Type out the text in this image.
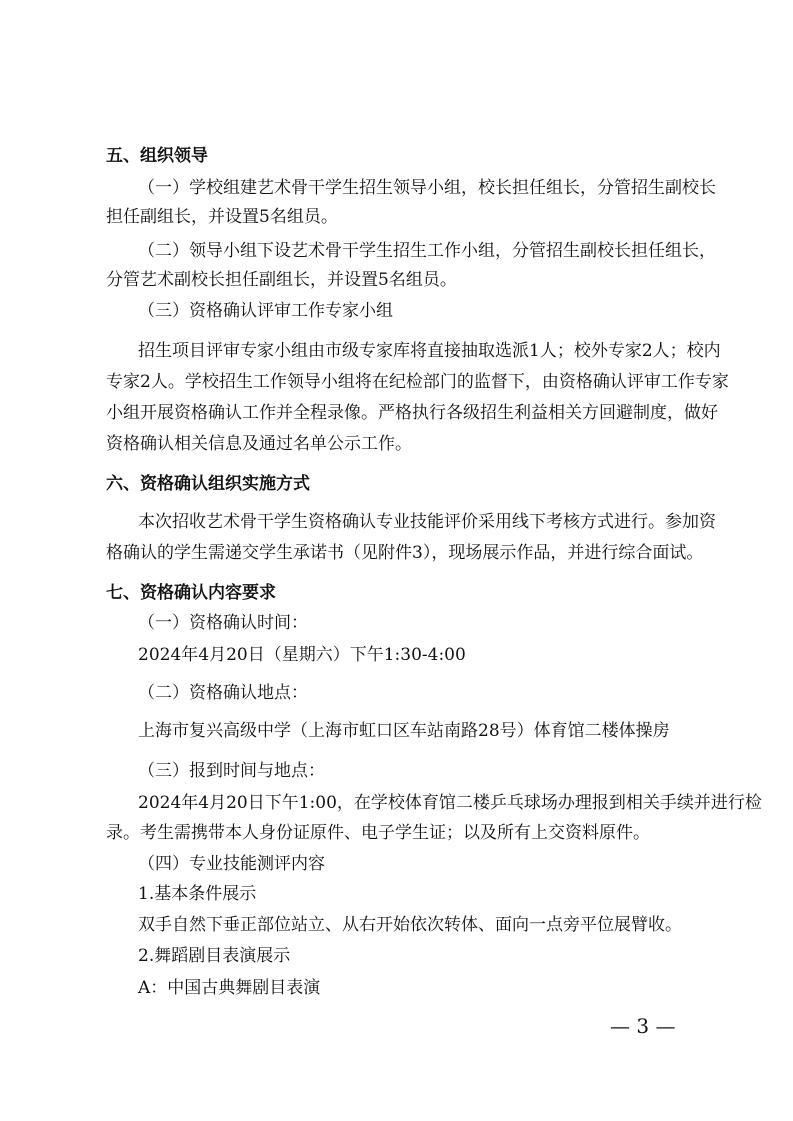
五、组织领导
（一）学校组建艺术骨干学生招生领导小组，校长担任组长，分管招生副校长
担任副组长，并设置5名组员。
（二）领导小组下设艺术骨干学生招生工作小组，分管招生副校长担任组长，
分管艺术副校长担任副组长，并设置5名组员。
（三）资格确认评审工作专家小组
招生项目评审专家小组由市级专家库将直接抽取选派1人；校外专家2人；校内
专家2人。学校招生工作领导小组将在纪检部门的监督下，由资格确认评审工作专家
小组开展资格确认工作并全程录像。严格执行各级招生利益相关方回避制度，做好
资格确认相关信息及通过名单公示工作。
六、资格确认组织实施方式
本次招收艺术骨干学生资格确认专业技能评价采用线下考核方式进行。参加资
格确认的学生需递交学生承诺书（见附件3），现场展示作品，并进行综合面试。
七、资格确认内容要求
（一）资格确认时间：
2024年4月20日（星期六）下午1:30-4:00
（二）资格确认地点：
上海市复兴高级中学（上海市虹口区车站南路28号）体育馆二楼体操房
（三）报到时间与地点：
2024年4月20日下午1:00，在学校体育馆二楼乒乓球场办理报到相关手续并进行检
录。考生需携带本人身份证原件、电子学生证；以及所有上交资料原件。
（四）专业技能测评内容
1.基本条件展示
双手自然下垂正部位站立、从右开始依次转体、面向一点旁平位展臂收。
2.舞蹈剧目表演展示
A：中国古典舞剧目表演
— 3 —
